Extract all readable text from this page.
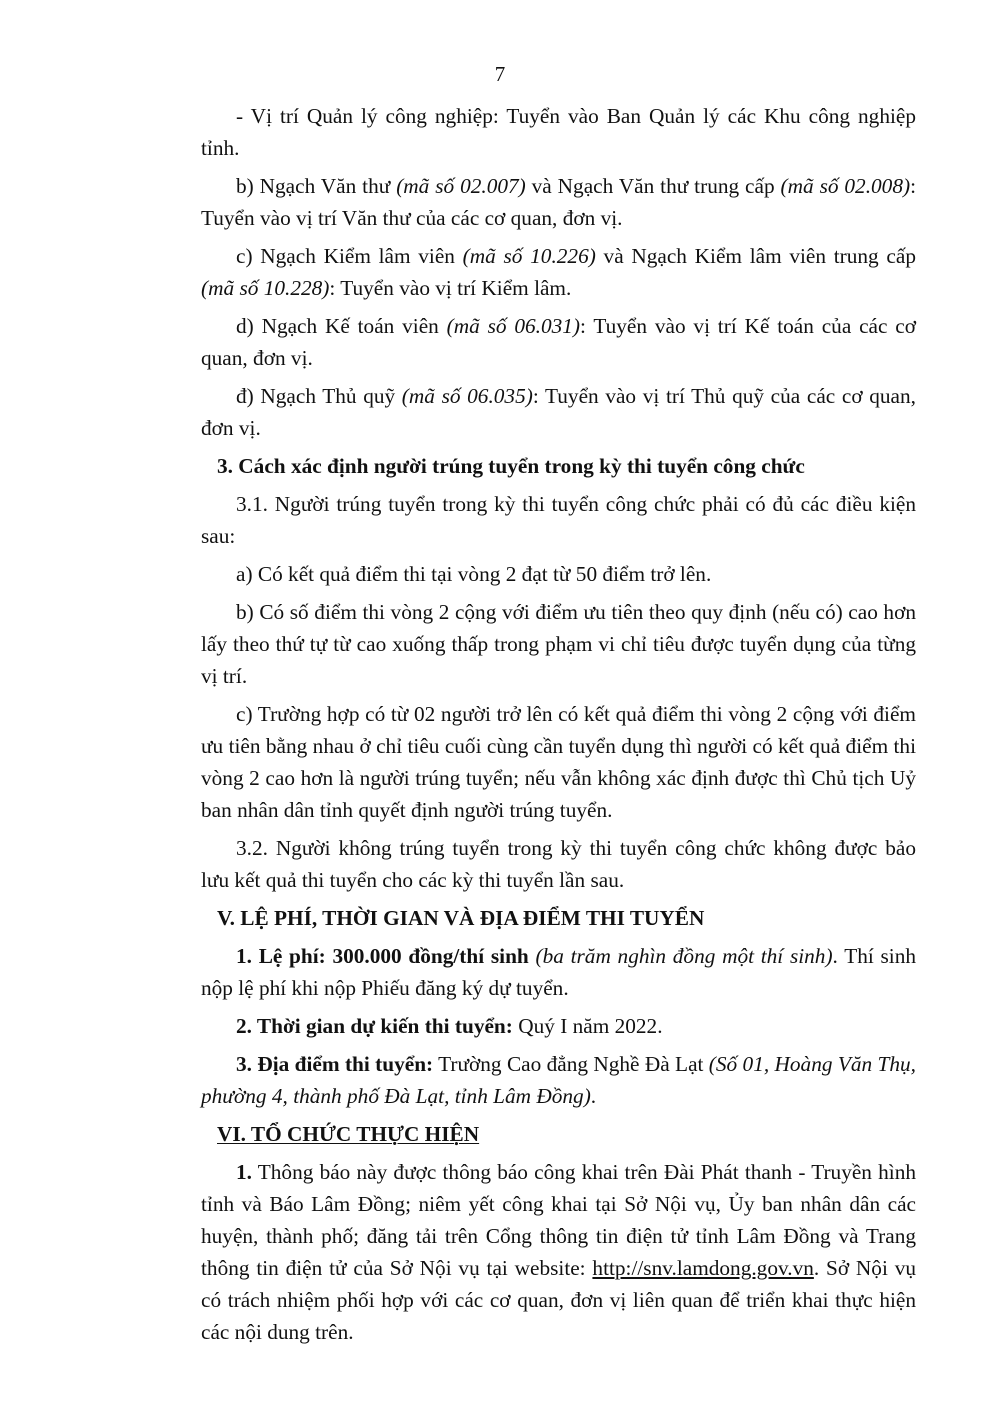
7

- Vị trí Quản lý công nghiệp: Tuyển vào Ban Quản lý các Khu công nghiệp tỉnh.

b) Ngạch Văn thư (mã số 02.007) và Ngạch Văn thư trung cấp (mã số 02.008): Tuyển vào vị trí Văn thư của các cơ quan, đơn vị.

c) Ngạch Kiểm lâm viên (mã số 10.226) và Ngạch Kiểm lâm viên trung cấp (mã số 10.228): Tuyển vào vị trí Kiểm lâm.

d) Ngạch Kế toán viên (mã số 06.031): Tuyển vào vị trí Kế toán của các cơ quan, đơn vị.

đ) Ngạch Thủ quỹ (mã số 06.035): Tuyển vào vị trí Thủ quỹ của các cơ quan, đơn vị.

3. Cách xác định người trúng tuyển trong kỳ thi tuyển công chức

3.1. Người trúng tuyển trong kỳ thi tuyển công chức phải có đủ các điều kiện sau:

a) Có kết quả điểm thi tại vòng 2 đạt từ 50 điểm trở lên.

b) Có số điểm thi vòng 2 cộng với điểm ưu tiên theo quy định (nếu có) cao hơn lấy theo thứ tự từ cao xuống thấp trong phạm vi chỉ tiêu được tuyển dụng của từng vị trí.

c) Trường hợp có từ 02 người trở lên có kết quả điểm thi vòng 2 cộng với điểm ưu tiên bằng nhau ở chỉ tiêu cuối cùng cần tuyển dụng thì người có kết quả điểm thi vòng 2 cao hơn là người trúng tuyển; nếu vẫn không xác định được thì Chủ tịch Uỷ ban nhân dân tỉnh quyết định người trúng tuyển.

3.2. Người không trúng tuyển trong kỳ thi tuyển công chức không được bảo lưu kết quả thi tuyển cho các kỳ thi tuyển lần sau.

V. LỆ PHÍ, THỜI GIAN VÀ ĐỊA ĐIỂM THI TUYỂN

1. Lệ phí: 300.000 đồng/thí sinh (ba trăm nghìn đồng một thí sinh). Thí sinh nộp lệ phí khi nộp Phiếu đăng ký dự tuyển.

2. Thời gian dự kiến thi tuyển: Quý I năm 2022.

3. Địa điểm thi tuyển: Trường Cao đẳng Nghề Đà Lạt (Số 01, Hoàng Văn Thụ, phường 4, thành phố Đà Lạt, tỉnh Lâm Đồng).

VI. TỔ CHỨC THỰC HIỆN

1. Thông báo này được thông báo công khai trên Đài Phát thanh - Truyền hình tỉnh và Báo Lâm Đồng; niêm yết công khai tại Sở Nội vụ, Ủy ban nhân dân các huyện, thành phố; đăng tải trên Cổng thông tin điện tử tỉnh Lâm Đồng và Trang thông tin điện tử của Sở Nội vụ tại website: http://snv.lamdong.gov.vn. Sở Nội vụ có trách nhiệm phối hợp với các cơ quan, đơn vị liên quan để triển khai thực hiện các nội dung trên.
